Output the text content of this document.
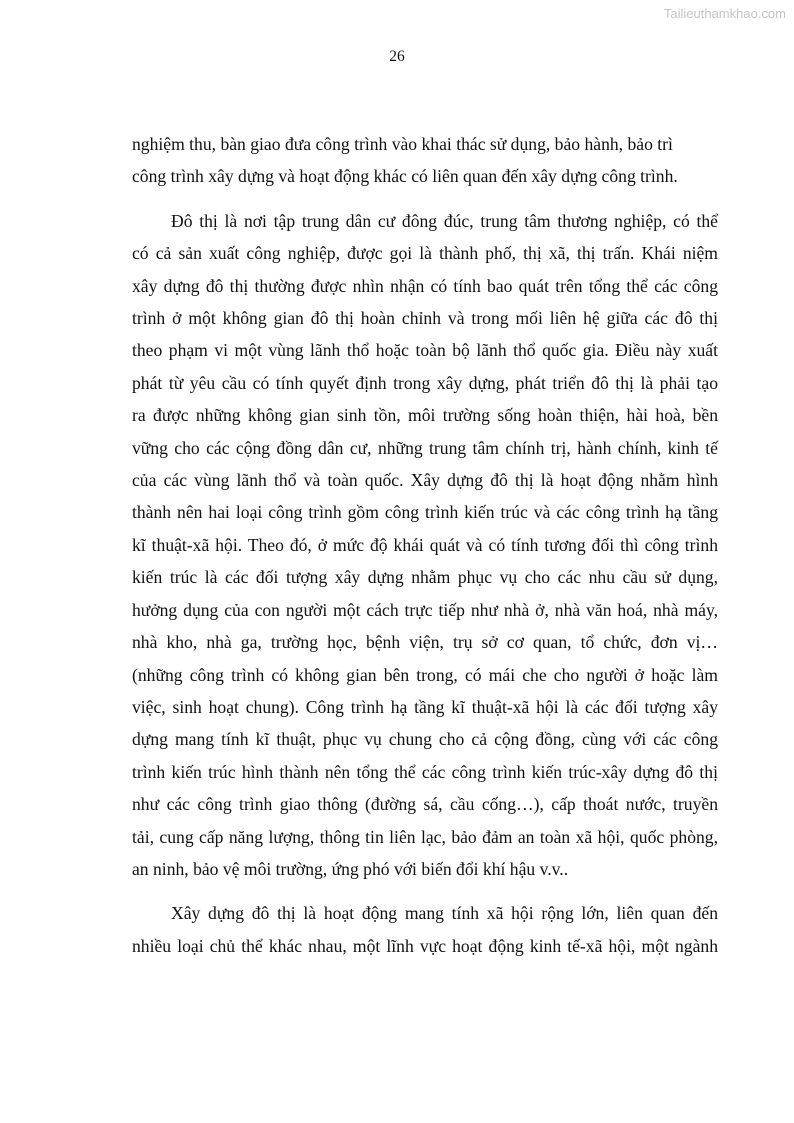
Tailieuthamkhao.com
26

nghiệm thu, bàn giao đưa công trình vào khai thác sử dụng, bảo hành, bảo trì

công trình xây dựng và hoạt động khác có liên quan đến xây dựng công trình.

Đô thị là nơi tập trung dân cư đông đúc, trung tâm thương nghiệp, có thể

có cả sản xuất công nghiệp, được gọi là thành phố, thị xã, thị trấn. Khái niệm

xây dựng đô thị thường được nhìn nhận có tính bao quát trên tổng thể các công

trình ở một không gian đô thị hoàn chỉnh và trong mối liên hệ giữa các đô thị

theo phạm vi một vùng lãnh thổ hoặc toàn bộ lãnh thổ quốc gia. Điều này xuất

phát từ yêu cầu có tính quyết định trong xây dựng, phát triển đô thị là phải tạo

ra được những không gian sinh tồn, môi trường sống hoàn thiện, hài hoà, bền

vững cho các cộng đồng dân cư, những trung tâm chính trị, hành chính, kinh tế

của các vùng lãnh thổ và toàn quốc. Xây dựng đô thị là hoạt động nhằm hình

thành nên hai loại công trình gồm công trình kiến trúc và các công trình hạ tầng

kĩ thuật-xã hội. Theo đó, ở mức độ khái quát và có tính tương đối thì công trình

kiến trúc là các đối tượng xây dựng nhằm phục vụ cho các nhu cầu sử dụng,

hưởng dụng của con người một cách trực tiếp như nhà ở, nhà văn hoá, nhà máy,

nhà kho, nhà ga, trường học, bệnh viện, trụ sở cơ quan, tổ chức, đơn vị…

(những công trình có không gian bên trong, có mái che cho người ở hoặc làm

việc, sinh hoạt chung). Công trình hạ tầng kĩ thuật-xã hội là các đối tượng xây

dựng mang tính kĩ thuật, phục vụ chung cho cả cộng đồng, cùng với các công

trình kiến trúc hình thành nên tổng thể các công trình kiến trúc-xây dựng đô thị

như các công trình giao thông (đường sá, cầu cống…), cấp thoát nước, truyền

tải, cung cấp năng lượng, thông tin liên lạc, bảo đảm an toàn xã hội, quốc phòng,

an ninh, bảo vệ môi trường, ứng phó với biến đổi khí hậu v.v..

Xây dựng đô thị là hoạt động mang tính xã hội rộng lớn, liên quan đến

nhiều loại chủ thể khác nhau, một lĩnh vực hoạt động kinh tế-xã hội, một ngành
